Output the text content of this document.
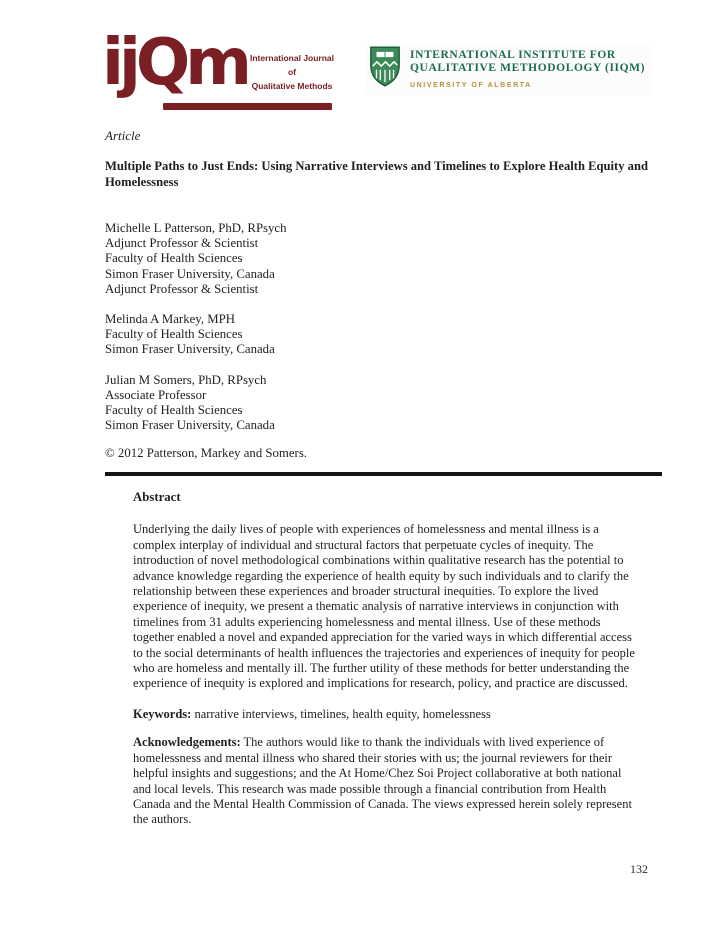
ijQm International Journal
of
Qualitative Methods
INTERNATIONAL INSTITUTE FOR
QUALITATIVE METHODOLOGY (IIQM)
UNIVERSITY OF ALBERTA
Article
Multiple Paths to Just Ends: Using Narrative Interviews and Timelines to Explore Health Equity and Homelessness
Michelle L Patterson, PhD, RPsych
Adjunct Professor & Scientist
Faculty of Health Sciences
Simon Fraser University, Canada
Adjunct Professor & Scientist
Melinda A Markey, MPH
Faculty of Health Sciences
Simon Fraser University, Canada
Julian M Somers, PhD, RPsych
Associate Professor
Faculty of Health Sciences
Simon Fraser University, Canada
© 2012 Patterson, Markey and Somers.
Abstract

Underlying the daily lives of people with experiences of homelessness and mental illness is a complex interplay of individual and structural factors that perpetuate cycles of inequity. The introduction of novel methodological combinations within qualitative research has the potential to advance knowledge regarding the experience of health equity by such individuals and to clarify the relationship between these experiences and broader structural inequities. To explore the lived experience of inequity, we present a thematic analysis of narrative interviews in conjunction with timelines from 31 adults experiencing homelessness and mental illness. Use of these methods together enabled a novel and expanded appreciation for the varied ways in which differential access to the social determinants of health influences the trajectories and experiences of inequity for people who are homeless and mentally ill. The further utility of these methods for better understanding the experience of inequity is explored and implications for research, policy, and practice are discussed.

Keywords: narrative interviews, timelines, health equity, homelessness

Acknowledgements: The authors would like to thank the individuals with lived experience of homelessness and mental illness who shared their stories with us; the journal reviewers for their helpful insights and suggestions; and the At Home/Chez Soi Project collaborative at both national and local levels. This research was made possible through a financial contribution from Health Canada and the Mental Health Commission of Canada. The views expressed herein solely represent the authors.

132
